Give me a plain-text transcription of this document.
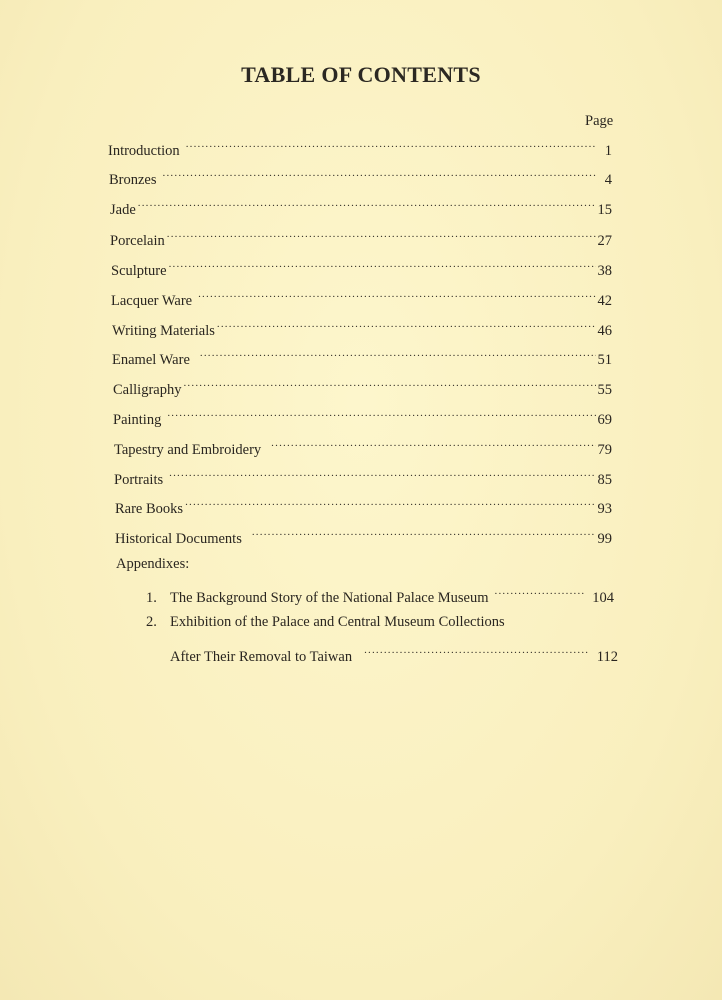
TABLE OF CONTENTS
Page
Introduction .....	1
Bronzes .....	4
Jade .....	15
Porcelain .....	27
Sculpture .....	38
Lacquer Ware .....	42
Writing Materials .....	46
Enamel Ware .....	51
Calligraphy .....	55
Painting .....	69
Tapestry and Embroidery .....	79
Portraits .....	85
Rare Books .....	93
Historical Documents .....	99
Appendixes:
1. The Background Story of the National Palace Museum .....	104
2. Exhibition of the Palace and Central Museum Collections
After Their Removal to Taiwan .....	112
